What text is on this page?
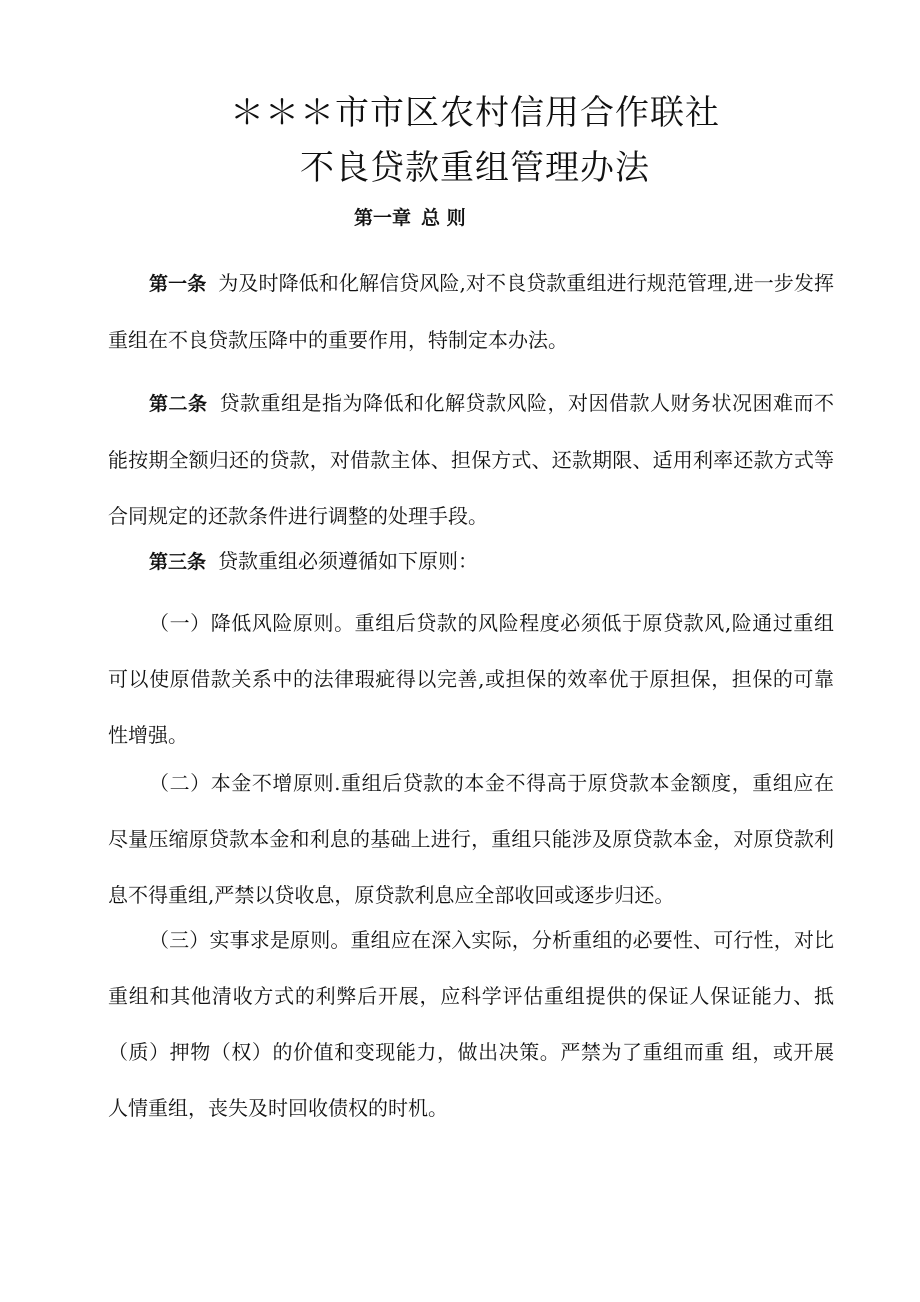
＊＊＊市市区农村信用合作联社
不良贷款重组管理办法
第一章 总 则

第一条 为及时降低和化解信贷风险,对不良贷款重组进行规范管理,进一步发挥重组在不良贷款压降中的重要作用，特制定本办法。

第二条 贷款重组是指为降低和化解贷款风险，对因借款人财务状况困难而不能按期全额归还的贷款，对借款主体、担保方式、还款期限、适用利率还款方式等合同规定的还款条件进行调整的处理手段。

第三条 贷款重组必须遵循如下原则：

（一）降低风险原则。重组后贷款的风险程度必须低于原贷款风,险通过重组可以使原借款关系中的法律瑕疵得以完善,或担保的效率优于原担保，担保的可靠性增强。

（二）本金不增原则.重组后贷款的本金不得高于原贷款本金额度，重组应在尽量压缩原贷款本金和利息的基础上进行，重组只能涉及原贷款本金，对原贷款利息不得重组,严禁以贷收息，原贷款利息应全部收回或逐步归还。

（三）实事求是原则。重组应在深入实际，分析重组的必要性、可行性，对比重组和其他清收方式的利弊后开展，应科学评估重组提供的保证人保证能力、抵（质）押物（权）的价值和变现能力，做出决策。严禁为了重组而重 组，或开展人情重组，丧失及时回收债权的时机。
